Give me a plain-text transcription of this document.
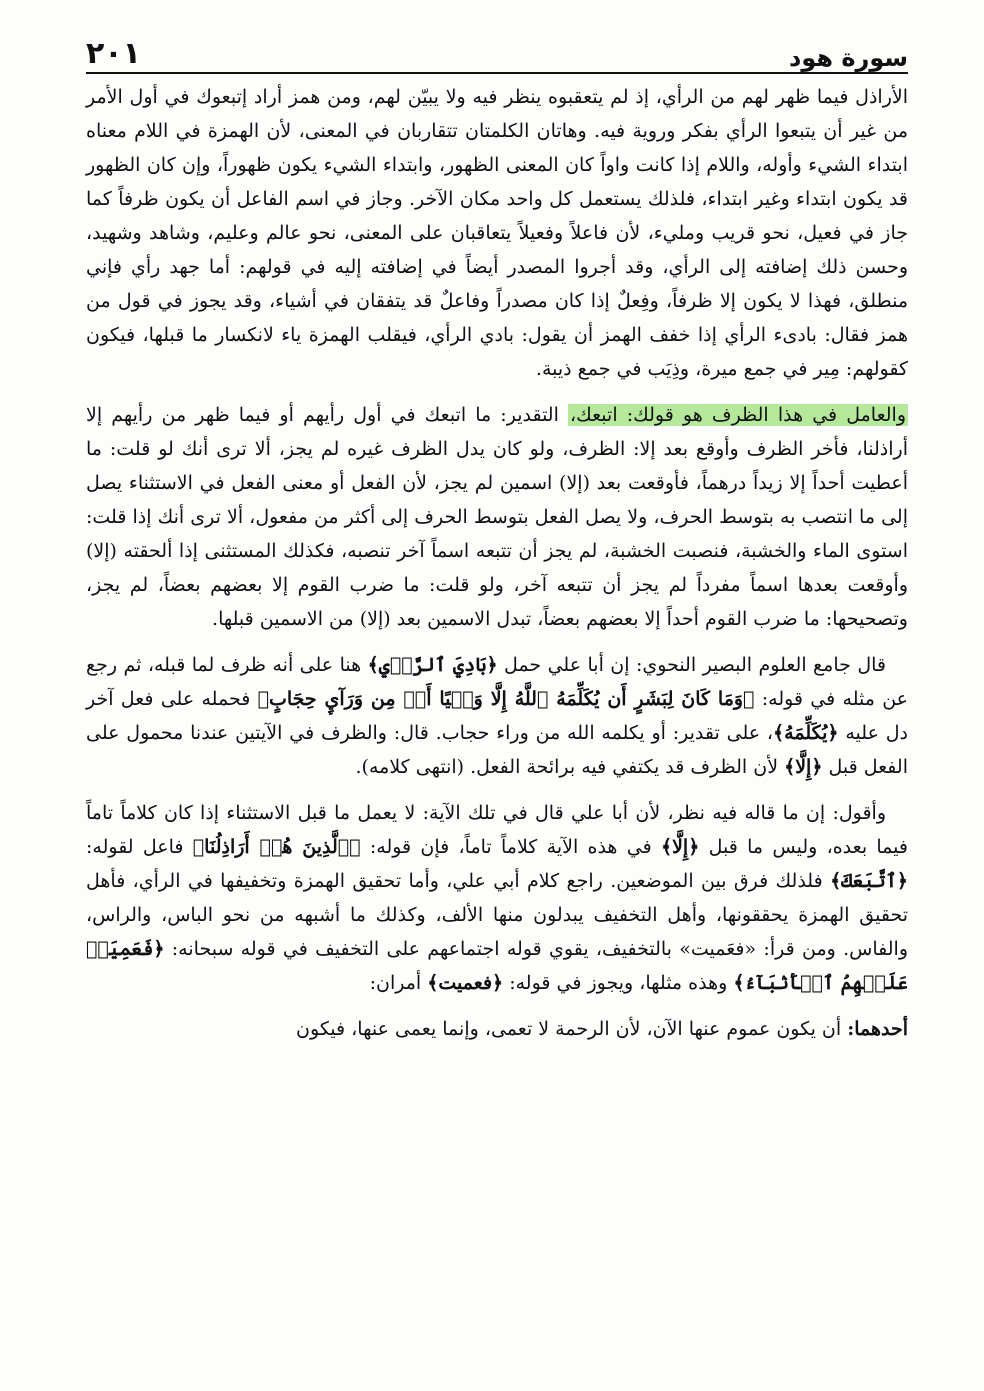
سورة هود
٢٠١

الأراذل فيما ظهر لهم من الرأي، إذ لم يتعقبوه ينظر فيه ولا يبيّن لهم، ومن همز أراد إتبعوك في أول الأمر من غير أن يتبعوا الرأي بفكر وروية فيه. وهاتان الكلمتان تتقاربان في المعنى، لأن الهمزة في اللام معناه ابتداء الشيء وأوله، واللام إذا كانت واواً كان المعنى الظهور، وابتداء الشيء يكون ظهوراً، وإن كان الظهور قد يكون ابتداء وغير ابتداء، فلذلك يستعمل كل واحد مكان الآخر. وجاز في اسم الفاعل أن يكون ظرفاً كما جاز في فعيل، نحو قريب ومليء، لأن فاعلاً وفعيلاً يتعاقبان على المعنى، نحو عالم وعليم، وشاهد وشهيد، وحسن ذلك إضافته إلى الرأي، وقد أجروا المصدر أيضاً في إضافته إليه في قولهم: أما جهد رأي فإني منطلق، فهذا لا يكون إلا ظرفاً، وفِعلٌ إذا كان مصدراً وفاعلٌ قد يتفقان في أشياء، وقد يجوز في قول من همز فقال: بادىء الرأي إذا خفف الهمز أن يقول: بادي الرأي، فيقلب الهمزة ياء لانكسار ما قبلها، فيكون كقولهم: مِير في جمع ميرة، وذِيَب في جمع ذيبة.

والعامل في هذا الظرف هو قولك: اتبعك، التقدير: ما اتبعك في أول رأيهم أو فيما ظهر من رأيهم إلا أراذلنا، فأخر الظرف وأوقع بعد إلا: الظرف، ولو كان يدل الظرف غيره لم يجز، ألا ترى أنك لو قلت: ما أعطيت أحداً إلا زيداً درهماً، فأوقعت بعد (إلا) اسمين لم يجز، لأن الفعل أو معنى الفعل في الاستثناء يصل إلى ما انتصب به بتوسط الحرف، ولا يصل الفعل بتوسط الحرف إلى أكثر من مفعول، ألا ترى أنك إذا قلت: استوى الماء والخشبة، فنصبت الخشبة، لم يجز أن تتبعه اسماً آخر تنصبه، فكذلك المستثنى إذا ألحقته (إلا) وأوقعت بعدها اسماً مفرداً لم يجز أن تتبعه آخر، ولو قلت: ما ضرب القوم إلا بعضهم بعضاً، لم يجز، وتصحيحها: ما ضرب القوم أحداً إلا بعضهم بعضاً، تبدل الاسمين بعد (إلا) من الاسمين قبلها.

قال جامع العلوم البصير النحوي: إن أبا علي حمل ﴿بَادِيَ ٱلرَّأۡيِ﴾ هنا على أنه ظرف لما قبله، ثم رجع عن مثله في قوله: ﴿وَمَا كَانَ لِبَشَرٍ أَن يُكَلِّمَهُ ٱللَّهُ إِلَّا وَحۡيًا أَوۡ مِن وَرَآيِٕ حِجَابٍ﴾ فحمله على فعل آخر دل عليه ﴿يُكَلِّمَهُ﴾، على تقدير: أو يكلمه الله من وراء حجاب. قال: والظرف في الآيتين عندنا محمول على الفعل قبل ﴿إِلَّا﴾ لأن الظرف قد يكتفي فيه برائحة الفعل. (انتهى كلامه).

وأقول: إن ما قاله فيه نظر، لأن أبا علي قال في تلك الآية: لا يعمل ما قبل الاستثناء إذا كان كلاماً تاماً فيما بعده، وليس ما قبل ﴿إِلَّا﴾ في هذه الآية كلاماً تاماً، فإن قوله: ﴿ٱلَّذِينَ هُمۡ أَرَاذِلُنَا﴾ فاعل لقوله: ﴿ٱتَّبَعَكَ﴾ فلذلك فرق بين الموضعين. راجع كلام أبي علي، وأما تحقيق الهمزة وتخفيفها في الرأي، فأهل تحقيق الهمزة يحققونها، وأهل التخفيف يبدلون منها الألف، وكذلك ما أشبهه من نحو الباس، والراس، والفاس. ومن قرأ: «فعَميت» بالتخفيف، يقوي قوله اجتماعهم على التخفيف في قوله سبحانه: ﴿فَعَمِيَتۡ عَلَيۡهِمُ ٱلۡأَنۢبَآءُ﴾ وهذه مثلها، ويجوز في قوله: ﴿فعميت﴾ أمران:

أحدهما: أن يكون عموم عنها الآن، لأن الرحمة لا تعمى، وإنما يعمى عنها، فيكون
